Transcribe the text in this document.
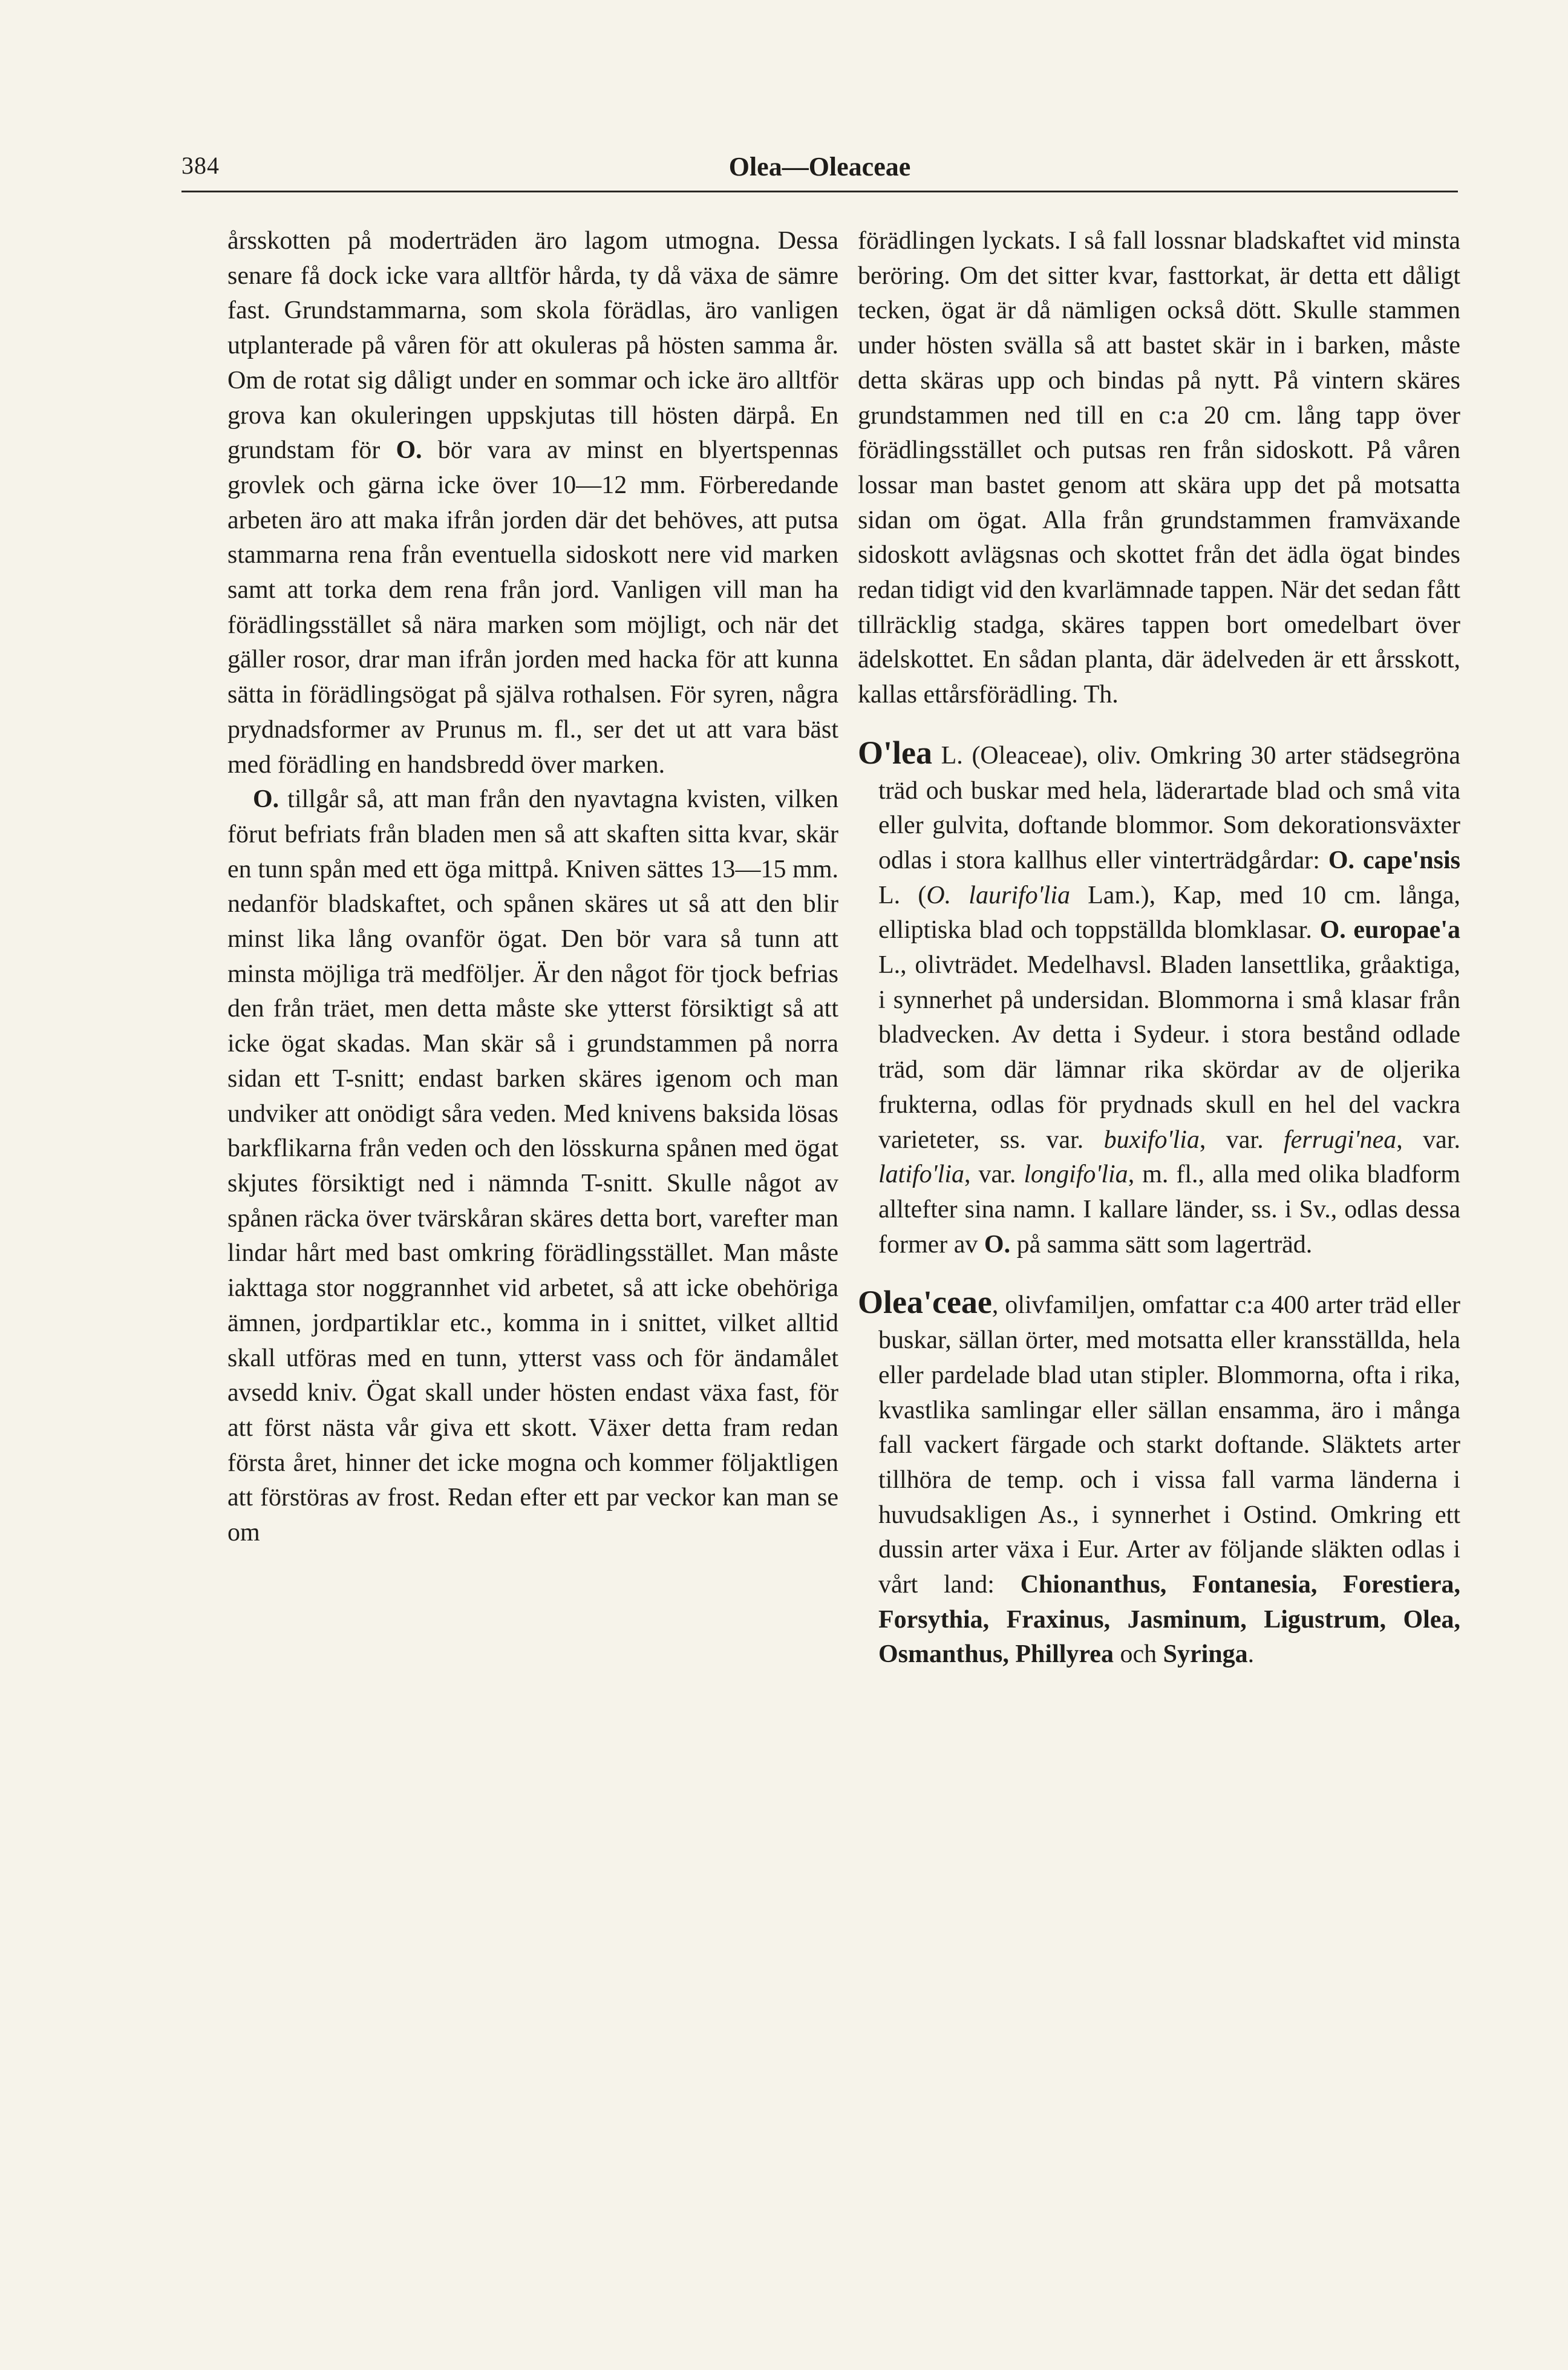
384	Olea—Oleaceae

årsskotten på moderträden äro lagom utmogna. Dessa senare få dock icke vara alltför hårda, ty då växa de sämre fast. Grundstammarna, som skola förädlas, äro vanligen utplanterade på våren för att okuleras på hösten samma år. Om de rotat sig dåligt under en sommar och icke äro alltför grova kan okuleringen uppskjutas till hösten därpå. En grundstam för O. bör vara av minst en blyertspennas grovlek och gärna icke över 10—12 mm. Förberedande arbeten äro att maka ifrån jorden där det behöves, att putsa stammarna rena från eventuella sidoskott nere vid marken samt att torka dem rena från jord. Vanligen vill man ha förädlingsstället så nära marken som möjligt, och när det gäller rosor, drar man ifrån jorden med hacka för att kunna sätta in förädlingsögat på själva rothalsen. För syren, några prydnadsformer av Prunus m. fl., ser det ut att vara bäst med förädling en handsbredd över marken.

O. tillgår så, att man från den nyavtagna kvisten, vilken förut befriats från bladen men så att skaften sitta kvar, skär en tunn spån med ett öga mittpå. Kniven sättes 13—15 mm. nedanför bladskaftet, och spånen skäres ut så att den blir minst lika lång ovanför ögat. Den bör vara så tunn att minsta möjliga trä medföljer. Är den något för tjock befrias den från träet, men detta måste ske ytterst försiktigt så att icke ögat skadas. Man skär så i grundstammen på norra sidan ett T-snitt; endast barken skäres igenom och man undviker att onödigt såra veden. Med knivens baksida lösas barkflikarna från veden och den lösskurna spånen med ögat skjutes försiktigt ned i nämnda T-snitt. Skulle något av spånen räcka över tvärskåran skäres detta bort, varefter man lindar hårt med bast omkring förädlingsstället. Man måste iakttaga stor noggrannhet vid arbetet, så att icke obehöriga ämnen, jordpartiklar etc., komma in i snittet, vilket alltid skall utföras med en tunn, ytterst vass och för ändamålet avsedd kniv. Ögat skall under hösten endast växa fast, för att först nästa vår giva ett skott. Växer detta fram redan första året, hinner det icke mogna och kommer följaktligen att förstöras av frost. Redan efter ett par veckor kan man se om

förädlingen lyckats. I så fall lossnar bladskaftet vid minsta beröring. Om det sitter kvar, fasttorkat, är detta ett dåligt tecken, ögat är då nämligen också dött. Skulle stammen under hösten svälla så att bastet skär in i barken, måste detta skäras upp och bindas på nytt. På vintern skäres grundstammen ned till en c:a 20 cm. lång tapp över förädlingsstället och putsas ren från sidoskott. På våren lossar man bastet genom att skära upp det på motsatta sidan om ögat. Alla från grundstammen framväxande sidoskott avlägsnas och skottet från det ädla ögat bindes redan tidigt vid den kvarlämnade tappen. När det sedan fått tillräcklig stadga, skäres tappen bort omedelbart över ädelskottet. En sådan planta, där ädelveden är ett årsskott, kallas ettårsförädling. Th.

O'lea L. (Oleaceae), oliv. Omkring 30 arter städsegröna träd och buskar med hela, läderartade blad och små vita eller gulvita, doftande blommor. Som dekorationsväxter odlas i stora kallhus eller vinterträdgårdar: O. cape'nsis L. (O. laurifo'lia Lam.), Kap, med 10 cm. långa, elliptiska blad och toppställda blomklasar. O. europae'a L., olivträdet. Medelhavsl. Bladen lansettlika, gråaktiga, i synnerhet på undersidan. Blommorna i små klasar från bladvecken. Av detta i Sydeur. i stora bestånd odlade träd, som där lämnar rika skördar av de oljerika frukterna, odlas för prydnads skull en hel del vackra varieteter, ss. var. buxifo'lia, var. ferrugi'nea, var. latifo'lia, var. longifo'lia, m. fl., alla med olika bladform alltefter sina namn. I kallare länder, ss. i Sv., odlas dessa former av O. på samma sätt som lagerträd.

Olea'ceae, olivfamiljen, omfattar c:a 400 arter träd eller buskar, sällan örter, med motsatta eller kransställda, hela eller pardelade blad utan stipler. Blommorna, ofta i rika, kvastlika samlingar eller sällan ensamma, äro i många fall vackert färgade och starkt doftande. Släktets arter tillhöra de temp. och i vissa fall varma länderna i huvudsakligen As., i synnerhet i Ostind. Omkring ett dussin arter växa i Eur. Arter av följande släkten odlas i vårt land: Chionanthus, Fontanesia, Forestiera, Forsythia, Fraxinus, Jasminum, Ligustrum, Olea, Osmanthus, Phillyrea och Syringa.
